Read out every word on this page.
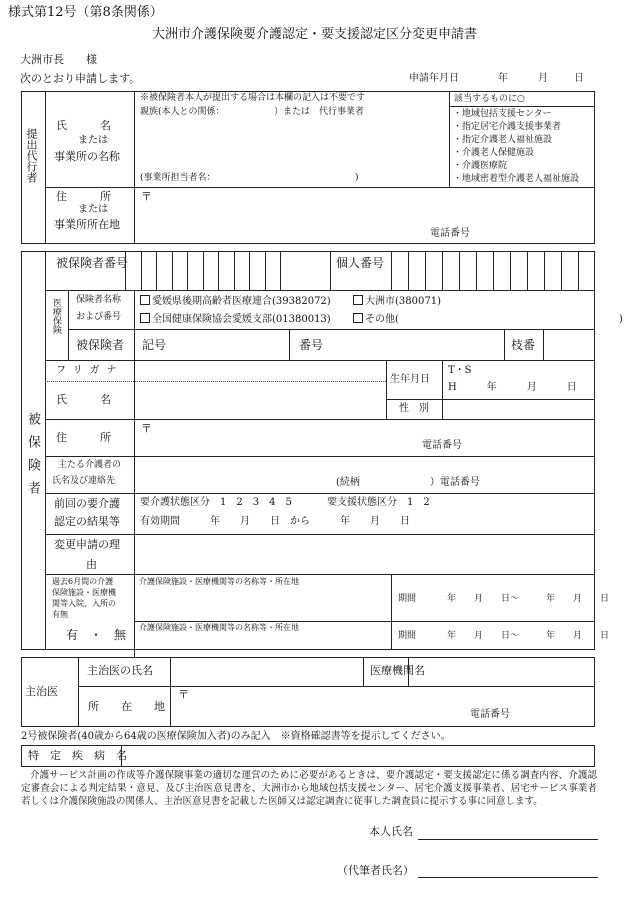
様式第12号（第8条関係）
大洲市介護保険要介護認定・要支援認定区分変更申請書
大洲市長　　様
次のとおり申請します。	申請年月日	年	月	日
提出代行者
氏　　　名
または
事業所の名称
※被保険者本人が提出する場合は本欄の記入は不要です
親族(本人との関係：　　　　　　）または　代行事業者
(事業所担当者名：　　　　　　　　　　　　　　　　)
該当するものに○
・地域包括支援センター
・指定居宅介護支援事業者
・指定介護老人福祉施設
・介護老人保健施設
・介護医療院
・地域密着型介護老人福祉施設
住　　　所
または
事業所所在地
〒
電話番号
被保険者
被保険者番号	個人番号
医療保険 保険者名称
および番号
愛媛県後期高齢者医療連合(39382072)	大洲市(380071)
全国健康保険協会愛媛支部(01380013)	その他(　　　　　　　　　　　　　　　　　　　　　　)
被保険者 記号	番号	枝番
フリガナ
氏　　　名
生年月日
T・S
H　　　年　　　月　　　日
性　別
住　　　所
〒
電話番号
主たる介護者の
氏名及び連絡先	(続柄　　　　　　　）電話番号
前回の要介護
認定の結果等
要介護状態区分　1　2　3　4　5	要支援状態区分　1　2
有効期間　　　年　　月　　日　から　　　年　　月　　日
変更申請の理
由
過去6月間の介護
保険施設・医療機
関等入院、入所の
有無
有　・　無
介護保険施設・医療機関等の名称等・所在地
介護保険施設・医療機関等の名称等・所在地
期間	年　　月　　日～　　　年　　月　　日
期間	年　　月　　日～　　　年　　月　　日
主治医
主治医の氏名	医療機関名
所　　在　　地
〒
電話番号
2号被保険者(40歳から64歳の医療保険加入者)のみ記入　※資格確認書等を提示してください。
特　定　疾　病　名
介護サービス計画の作成等介護保険事業の適切な運営のために必要があるときは、要介護認定・要支援認定に係る調査内容、介護認定審査会による判定結果・意見、及び主治医意見書を、大洲市から地域包括支援センター、居宅介護支援事業者、居宅サービス事業者若しくは介護保険施設の関係人、主治医意見書を記載した医師又は認定調査に従事した調査員に提示する事に同意します。
本人氏名
（代筆者氏名）
